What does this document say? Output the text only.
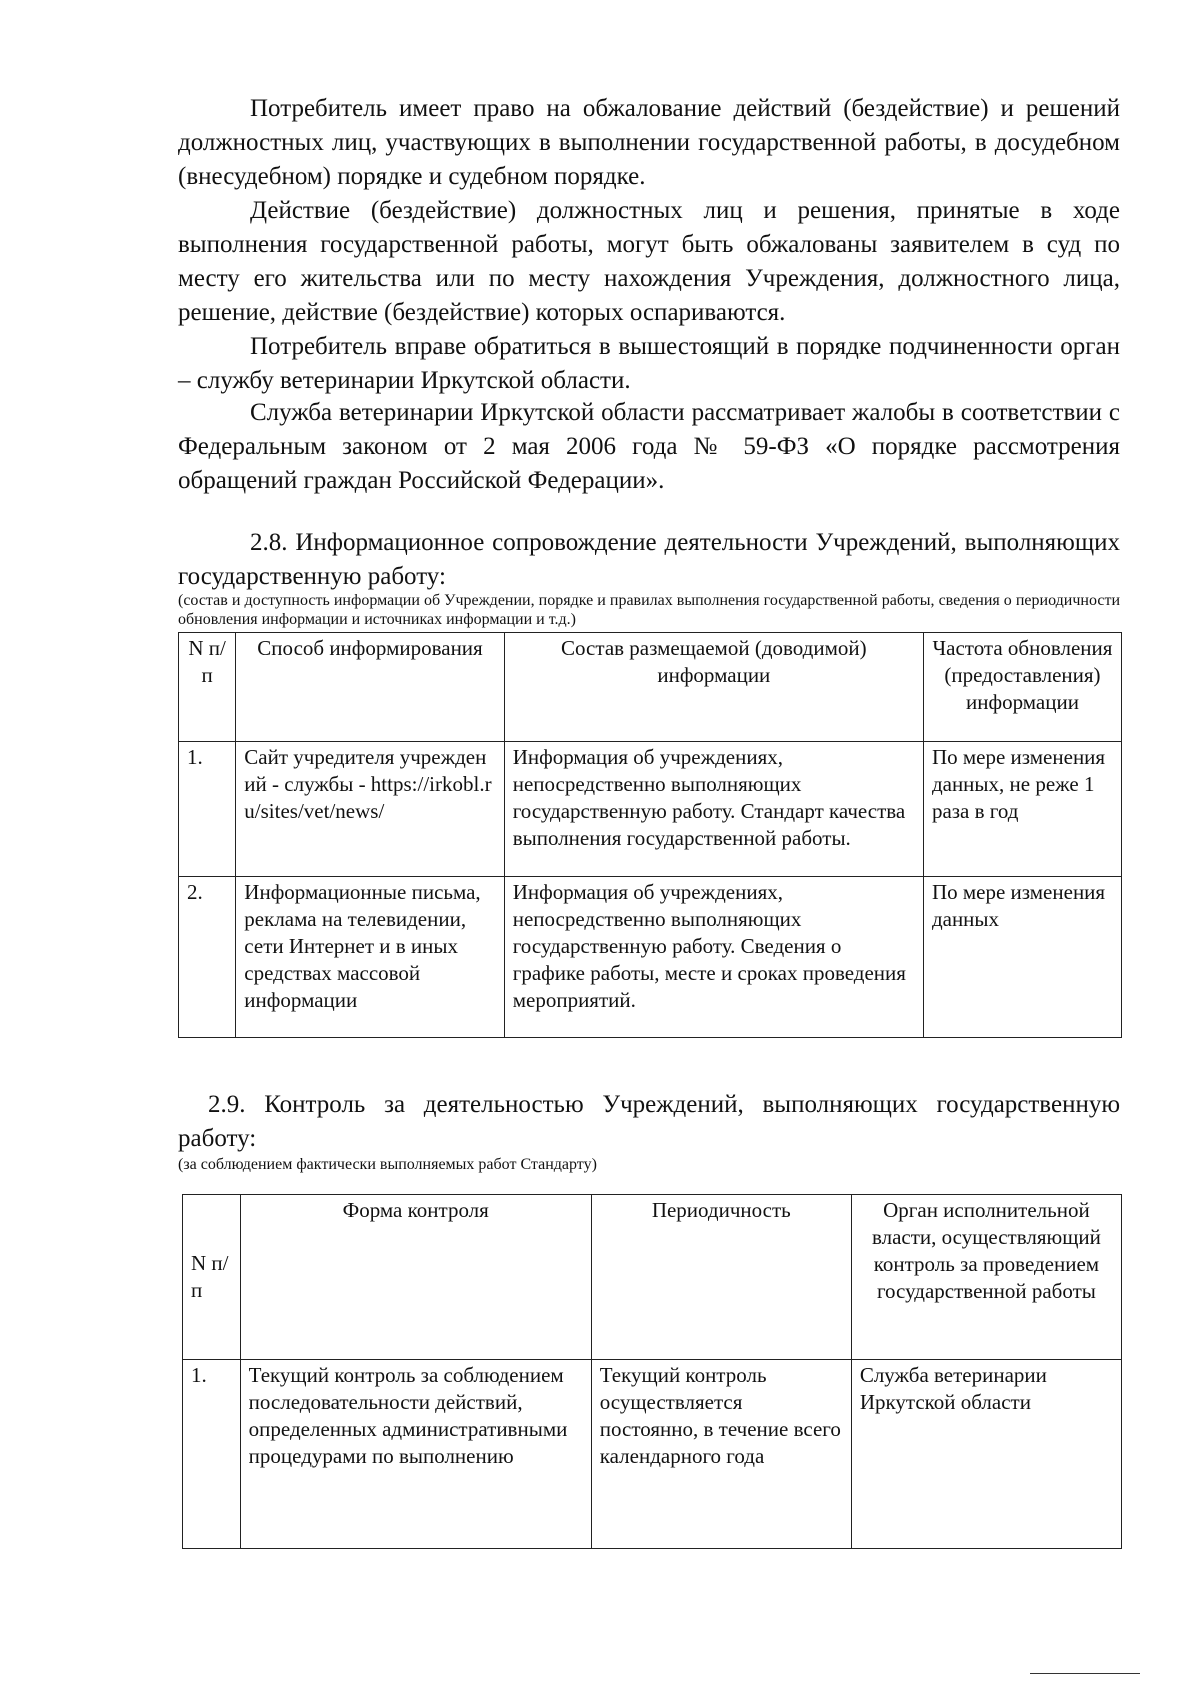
Потребитель имеет право на обжалование действий (бездействие) и решений должностных лиц, участвующих в выполнении государственной работы, в досудебном (внесудебном) порядке и судебном порядке.

Действие (бездействие) должностных лиц и решения, принятые в ходе выполнения государственной работы, могут быть обжалованы заявителем в суд по месту его жительства или по месту нахождения Учреждения, должностного лица, решение, действие (бездействие) которых оспариваются.

Потребитель вправе обратиться в вышестоящий в порядке подчиненности орган – службу ветеринарии Иркутской области.

Служба ветеринарии Иркутской области рассматривает жалобы в соответствии с Федеральным законом от 2 мая 2006 года № 59-ФЗ «О порядке рассмотрения обращений граждан Российской Федерации».

2.8. Информационное сопровождение деятельности Учреждений, выполняющих государственную работу:

(состав и доступность информации об Учреждении, порядке и правилах выполнения государственной работы, сведения о периодичности обновления информации и источниках информации и т.д.)

N п/п	Способ информирования	Состав размещаемой (доводимой) информации	Частота обновления (предоставления) информации
1.	Сайт учредителя учреждений - службы - https://irkobl.ru/sites/vet/news/	Информация об учреждениях, непосредственно выполняющих государственную работу. Стандарт качества выполнения государственной работы.	По мере изменения данных, не реже 1 раза в год
2.	Информационные письма, реклама на телевидении, сети Интернет и в иных средствах массовой информации	Информация об учреждениях, непосредственно выполняющих государственную работу. Сведения о графике работы, месте и сроках проведения мероприятий.	По мере изменения данных

2.9. Контроль за деятельностью Учреждений, выполняющих государственную работу:

(за соблюдением фактически выполняемых работ Стандарту)

N п/п	Форма контроля	Периодичность	Орган исполнительной власти, осуществляющий контроль за проведением государственной работы
1.	Текущий контроль за соблюдением последовательности действий, определенных административными процедурами по выполнению	Текущий контроль осуществляется постоянно, в течение всего календарного года	Служба ветеринарии Иркутской области
